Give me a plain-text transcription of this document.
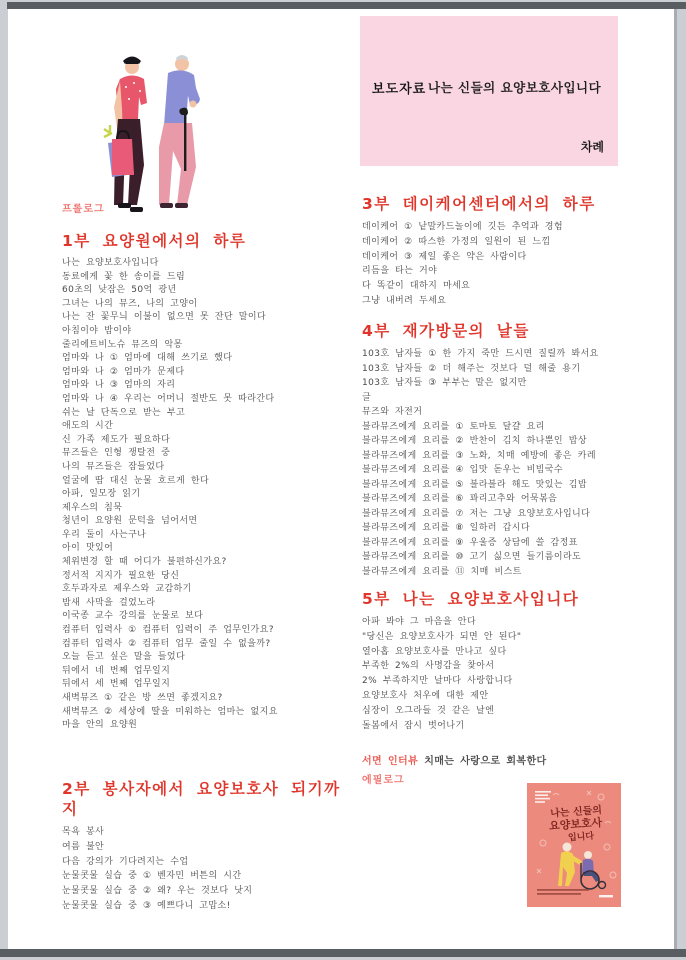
보도자료 나는 신들의 요양보호사입니다
차례
프롤로그
1부 요양원에서의 하루
나는 요양보호사입니다
동료에게 꽃 한 송이를 드림
60초의 낮잠은 50억 광년
그녀는 나의 뮤즈, 나의 고양이
나는 잔 꽃무늬 이불이 없으면 못 잔단 말이다
아침이야 밤이야
줄리에트비노슈 뮤즈의 악몽
엄마와 나 ① 엄마에 대해 쓰기로 했다
엄마와 나 ② 엄마가 문제다
엄마와 나 ③ 엄마의 자리
엄마와 나 ④ 우리는 어머니 절반도 못 따라간다
쉬는 날 단독으로 받는 부고
애도의 시간
신 가족 제도가 필요하다
뮤즈들은 인형 쟁탈전 중
나의 뮤즈들은 잠들었다
얼굴에 땀 대신 눈물 흐르게 한다
아파, 일모장 읽기
제우스의 침묵
청년이 요양원 문턱을 넘어서면
우리 둘이 사는구나
아이 맛있어
체위변경 할 때 어디가 불편하신가요?
정서적 지지가 필요한 당신
호두과자로 제우스와 교감하기
밤새 사막을 걸었노라
이국종 교수 강의를 눈물로 보다
컴퓨터 입력사 ① 컴퓨터 입력이 주 업무인가요?
컴퓨터 입력사 ② 컴퓨터 업무 줄일 수 없을까?
오늘 듣고 싶은 말을 들었다
뒤에서 네 번째 업무일지
뒤에서 세 번째 업무일지
새벽뮤즈 ① 같은 방 쓰면 좋겠지요?
새벽뮤즈 ② 세상에 딸을 미워하는 엄마는 없지요
마을 안의 요양원
2부 봉사자에서 요양보호사 되기까지
목욕 봉사
여름 불안
다음 강의가 기다려지는 수업
눈물콧물 실습 중 ① 벤자민 버튼의 시간
눈물콧물 실습 중 ② 왜? 우는 것보다 낫지
눈물콧물 실습 중 ③ 예쁘다니 고맙소!
3부 데이케어센터에서의 하루
데이케어 ① 낱말카드놀이에 깃든 추억과 경험
데이케어 ② 따스한 가정의 일원이 된 느낌
데이케어 ③ 제일 좋은 약은 사람이다
리듬을 타는 거야
다 똑같이 대하지 마세요
그냥 내버려 두세요
4부 재가방문의 날들
103호 남자들 ① 한 가지 죽만 드시면 질릴까 봐서요
103호 남자들 ② 더 해주는 것보다 덜 해줄 용기
103호 남자들 ③ 부부는 말은 없지만
글
뮤즈와 자전거
블라뮤즈에게 요리를 ① 토마토 달걀 요리
블라뮤즈에게 요리를 ② 반찬이 김치 하나뿐인 밥상
블라뮤즈에게 요리를 ③ 노화, 치매 예방에 좋은 카레
블라뮤즈에게 요리를 ④ 입맛 돋우는 비빔국수
블라뮤즈에게 요리를 ⑤ 블라블라 해도 맛있는 김밥
블라뮤즈에게 요리를 ⑥ 꽈리고추와 어묵볶음
블라뮤즈에게 요리를 ⑦ 저는 그냥 요양보호사입니다
블라뮤즈에게 요리를 ⑧ 일하러 갑시다
블라뮤즈에게 요리를 ⑨ 우울증 상담에 쓸 감정표
블라뮤즈에게 요리를 ⑩ 고기 싫으면 들기름이라도
블라뮤즈에게 요리를 ⑪ 치매 비스트
5부 나는 요양보호사입니다
아파 봐야 그 마음을 안다
"당신은 요양보호사가 되면 안 된다"
열아홉 요양보호사를 만나고 싶다
부족한 2%의 사명감을 찾아서
2% 부족하지만 날마다 사랑합니다
요양보호사 처우에 대한 제안
심장이 오그라들 것 같은 날엔
돌봄에서 잠시 벗어나기
서면 인터뷰 치매는 사랑으로 회복한다
에필로그
나는 신들의
요양보호사
입니다
